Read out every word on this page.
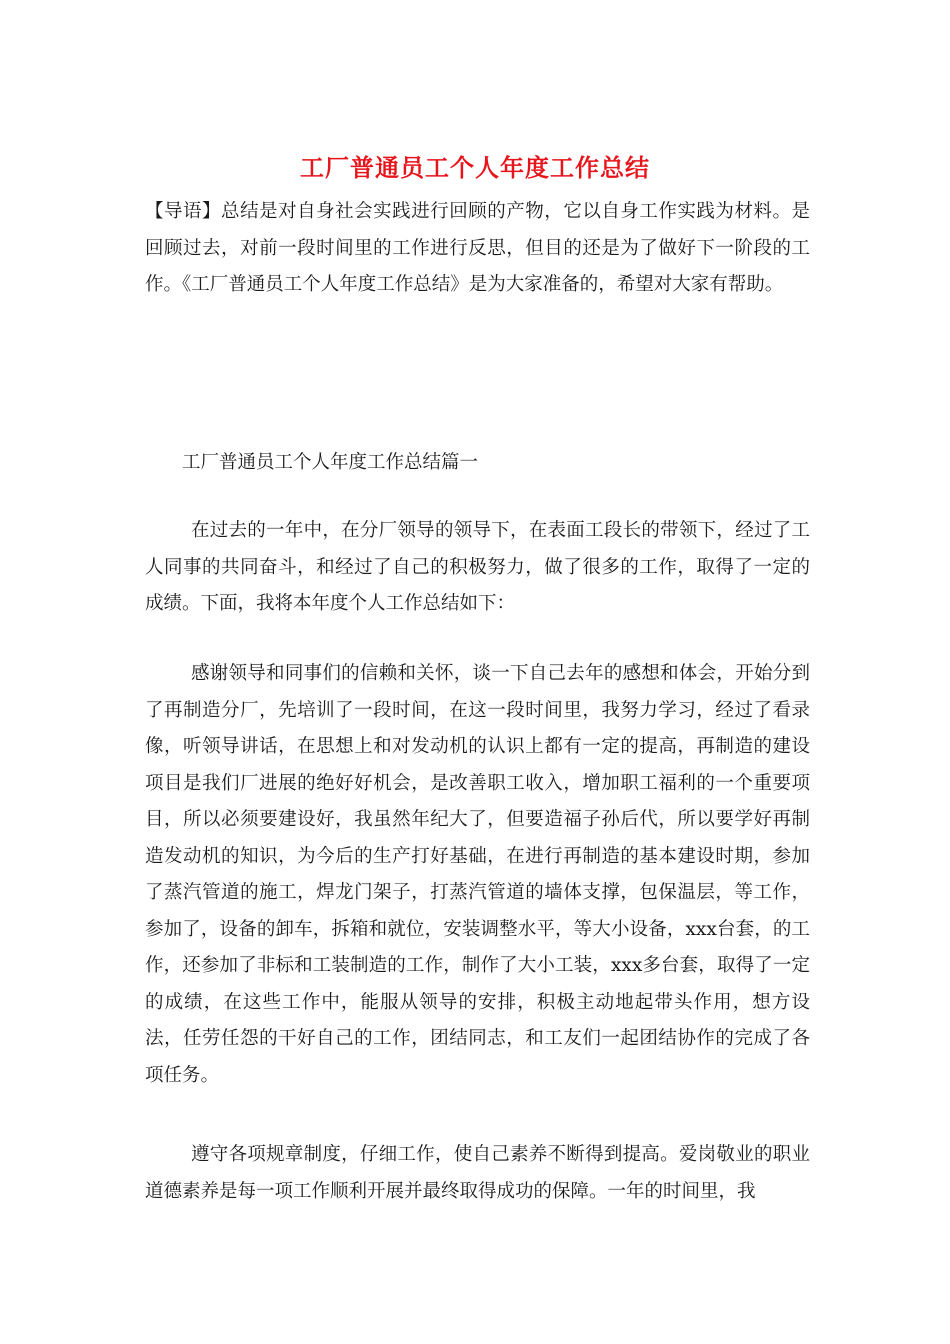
工厂普通员工个人年度工作总结

【导语】总结是对自身社会实践进行回顾的产物，它以自身工作实践为材料。是回顾过去，对前一段时间里的工作进行反思，但目的还是为了做好下一阶段的工作。《工厂普通员工个人年度工作总结》是为大家准备的，希望对大家有帮助。

工厂普通员工个人年度工作总结篇一

在过去的一年中，在分厂领导的领导下，在表面工段长的带领下，经过了工人同事的共同奋斗，和经过了自己的积极努力，做了很多的工作，取得了一定的成绩。下面，我将本年度个人工作总结如下：

感谢领导和同事们的信赖和关怀，谈一下自己去年的感想和体会，开始分到了再制造分厂，先培训了一段时间，在这一段时间里，我努力学习，经过了看录像，听领导讲话，在思想上和对发动机的认识上都有一定的提高，再制造的建设项目是我们厂进展的绝好好机会，是改善职工收入，增加职工福利的一个重要项目，所以必须要建设好，我虽然年纪大了，但要造福子孙后代，所以要学好再制造发动机的知识，为今后的生产打好基础，在进行再制造的基本建设时期，参加了蒸汽管道的施工，焊龙门架子，打蒸汽管道的墙体支撑，包保温层，等工作，参加了，设备的卸车，拆箱和就位，安装调整水平，等大小设备，xxx台套，的工作，还参加了非标和工装制造的工作，制作了大小工装，xxx多台套，取得了一定的成绩，在这些工作中，能服从领导的安排，积极主动地起带头作用，想方设法，任劳任怨的干好自己的工作，团结同志，和工友们一起团结协作的完成了各项任务。

遵守各项规章制度，仔细工作，使自己素养不断得到提高。爱岗敬业的职业道德素养是每一项工作顺利开展并最终取得成功的保障。一年的时间里，我
